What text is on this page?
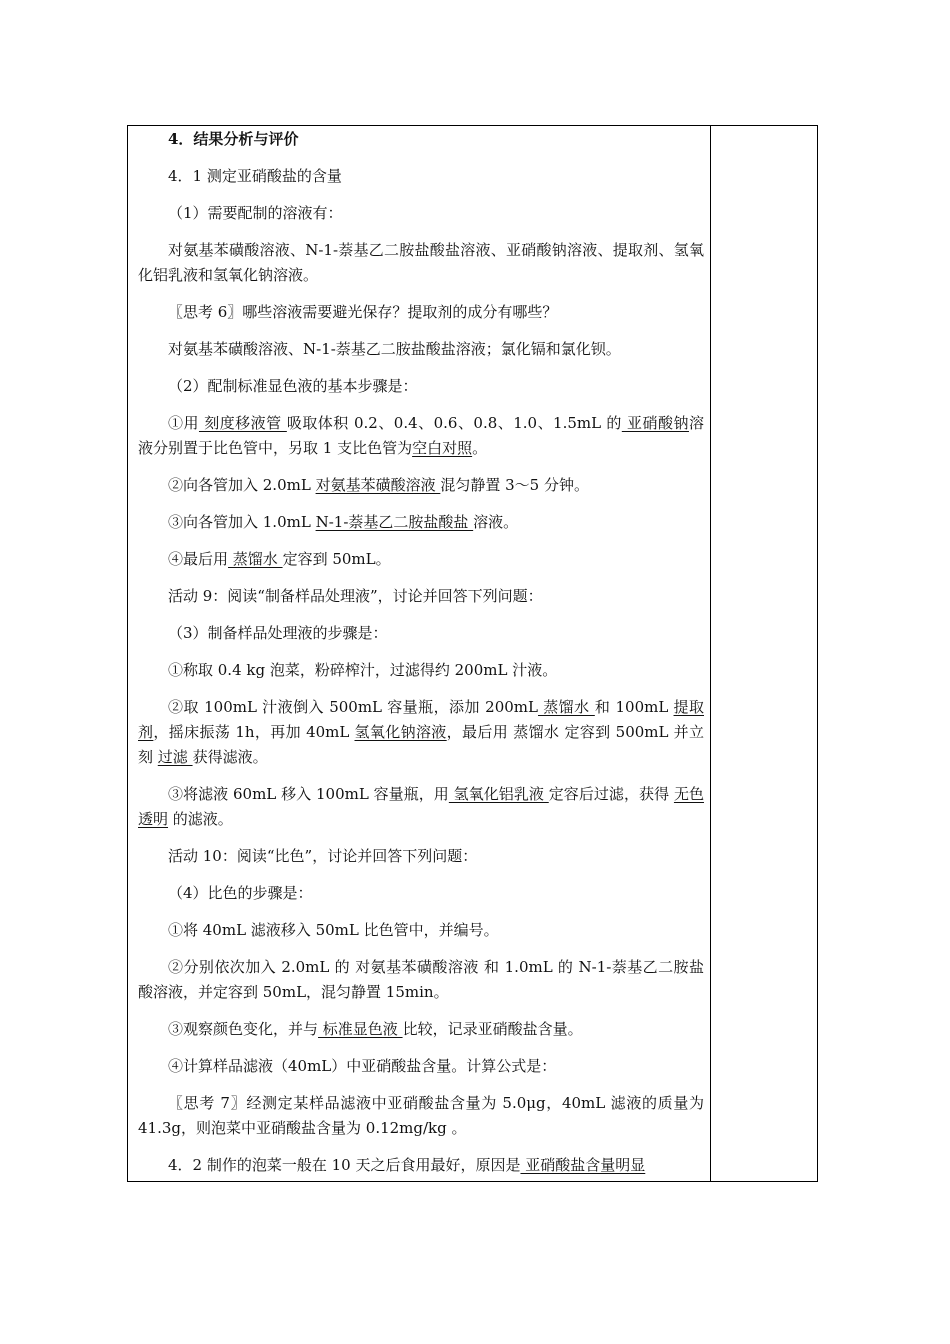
4．结果分析与评价

4．1 测定亚硝酸盐的含量

（1）需要配制的溶液有：

对氨基苯磺酸溶液、N-1-萘基乙二胺盐酸盐溶液、亚硝酸钠溶液、提取剂、氢氧化铝乳液和氢氧化钠溶液。

〖思考 6〗哪些溶液需要避光保存？提取剂的成分有哪些？

对氨基苯磺酸溶液、N-1-萘基乙二胺盐酸盐溶液；氯化镉和氯化钡。

（2）配制标准显色液的基本步骤是：

①用 刻度移液管 吸取体积 0.2、0.4、0.6、0.8、1.0、1.5mL 的 亚硝酸钠溶液分别置于比色管中，另取 1 支比色管为空白对照。

②向各管加入 2.0mL 对氨基苯磺酸溶液 混匀静置 3～5 分钟。

③向各管加入 1.0mL N-1-萘基乙二胺盐酸盐 溶液。

④最后用 蒸馏水 定容到 50mL。

活动 9：阅读“制备样品处理液”，讨论并回答下列问题：

（3）制备样品处理液的步骤是：

①称取 0.4 kg 泡菜，粉碎榨汁，过滤得约 200mL 汁液。

②取 100mL 汁液倒入 500mL 容量瓶，添加 200mL 蒸馏水 和 100mL 提取剂，摇床振荡 1h，再加 40mL 氢氧化钠溶液，最后用 蒸馏水 定容到 500mL 并立刻 过滤 获得滤液。

③将滤液 60mL 移入 100mL 容量瓶，用 氢氧化铝乳液 定容后过滤，获得 无色透明 的滤液。

活动 10：阅读“比色”，讨论并回答下列问题：

（4）比色的步骤是：

①将 40mL 滤液移入 50mL 比色管中，并编号。

②分别依次加入 2.0mL 的 对氨基苯磺酸溶液 和 1.0mL 的 N-1-萘基乙二胺盐酸溶液，并定容到 50mL，混匀静置 15min。

③观察颜色变化，并与 标准显色液 比较，记录亚硝酸盐含量。

④计算样品滤液（40mL）中亚硝酸盐含量。计算公式是：

〖思考 7〗经测定某样品滤液中亚硝酸盐含量为 5.0μg，40mL 滤液的质量为 41.3g，则泡菜中亚硝酸盐含量为 0.12mg/kg 。

4．2 制作的泡菜一般在 10 天之后食用最好，原因是 亚硝酸盐含量明显
